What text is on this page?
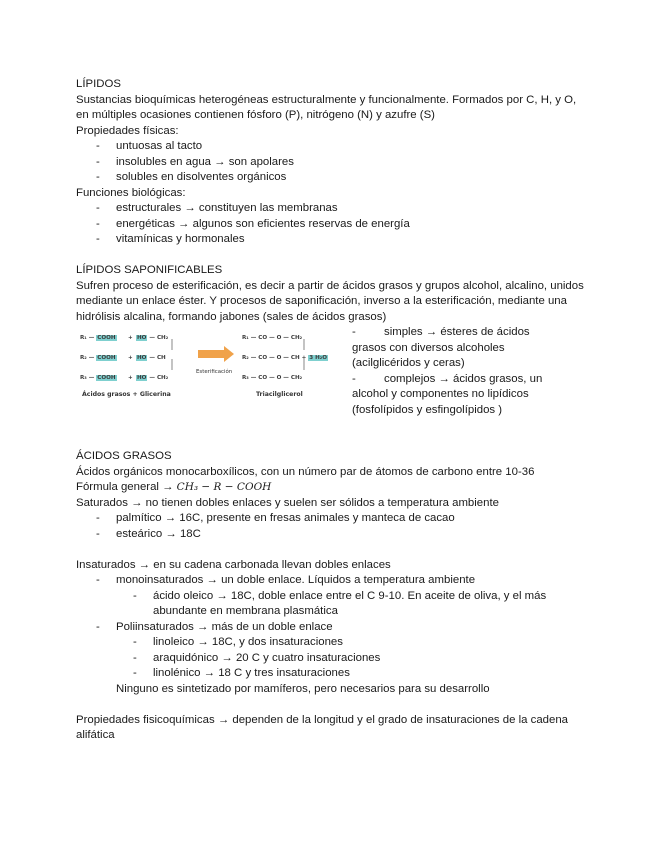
LÍPIDOS

Sustancias bioquímicas heterogéneas estructuralmente y funcionalmente. Formados por C, H, y O, en múltiples ocasiones contienen fósforo (P), nitrógeno (N) y azufre (S)

Propiedades físicas:

- untuosas al tacto
- insolubles en agua → son apolares
- solubles en disolventes orgánicos

Funciones biológicas:

- estructurales → constituyen las membranas
- energéticas → algunos son eficientes reservas de energía
- vitamínicas y hormonales

LÍPIDOS SAPONIFICABLES

Sufren proceso de esterificación, es decir a partir de ácidos grasos y grupos alcohol, alcalino, unidos mediante un enlace éster. Y procesos de saponificación, inverso a la esterificación, mediante una hidrólisis alcalina, formando jabones (sales de ácidos grasos)

R₁ — COOH
R₂ — COOH
R₃ — COOH
+
+
+
HO — CH₂
HO — CH
HO — CH₂
Esterificación
R₁ — CO — O — CH₂
R₂ — CO — O — CH + 3 H₂O
R₃ — CO — O — CH₂
Ácidos grasos + Glicerina	Triacilglicerol
- simples → ésteres de ácidos grasos con diversos alcoholes (acilglicéridos y ceras)
- complejos → ácidos grasos, un alcohol y componentes no lipídicos (fosfolípidos y esfingolípidos )

ÁCIDOS GRASOS

Ácidos orgánicos monocarboxílicos, con un número par de átomos de carbono entre 10-36

Fórmula general → CH₃ − R − COOH

Saturados → no tienen dobles enlaces y suelen ser sólidos a temperatura ambiente

- palmítico → 16C, presente en fresas animales y manteca de cacao
- esteárico → 18C

Insaturados → en su cadena carbonada llevan dobles enlaces

- monoinsaturados → un doble enlace. Líquidos a temperatura ambiente
- ácido oleico → 18C, doble enlace entre el C 9-10. En aceite de oliva, y el más abundante en membrana plasmática
- Poliinsaturados → más de un doble enlace
- linoleico → 18C, y dos insaturaciones
- araquidónico → 20 C y cuatro insaturaciones
- linolénico → 18 C y tres insaturaciones

Ninguno es sintetizado por mamíferos, pero necesarios para su desarrollo

Propiedades fisicoquímicas → dependen de la longitud y el grado de insaturaciones de la cadena alifática
